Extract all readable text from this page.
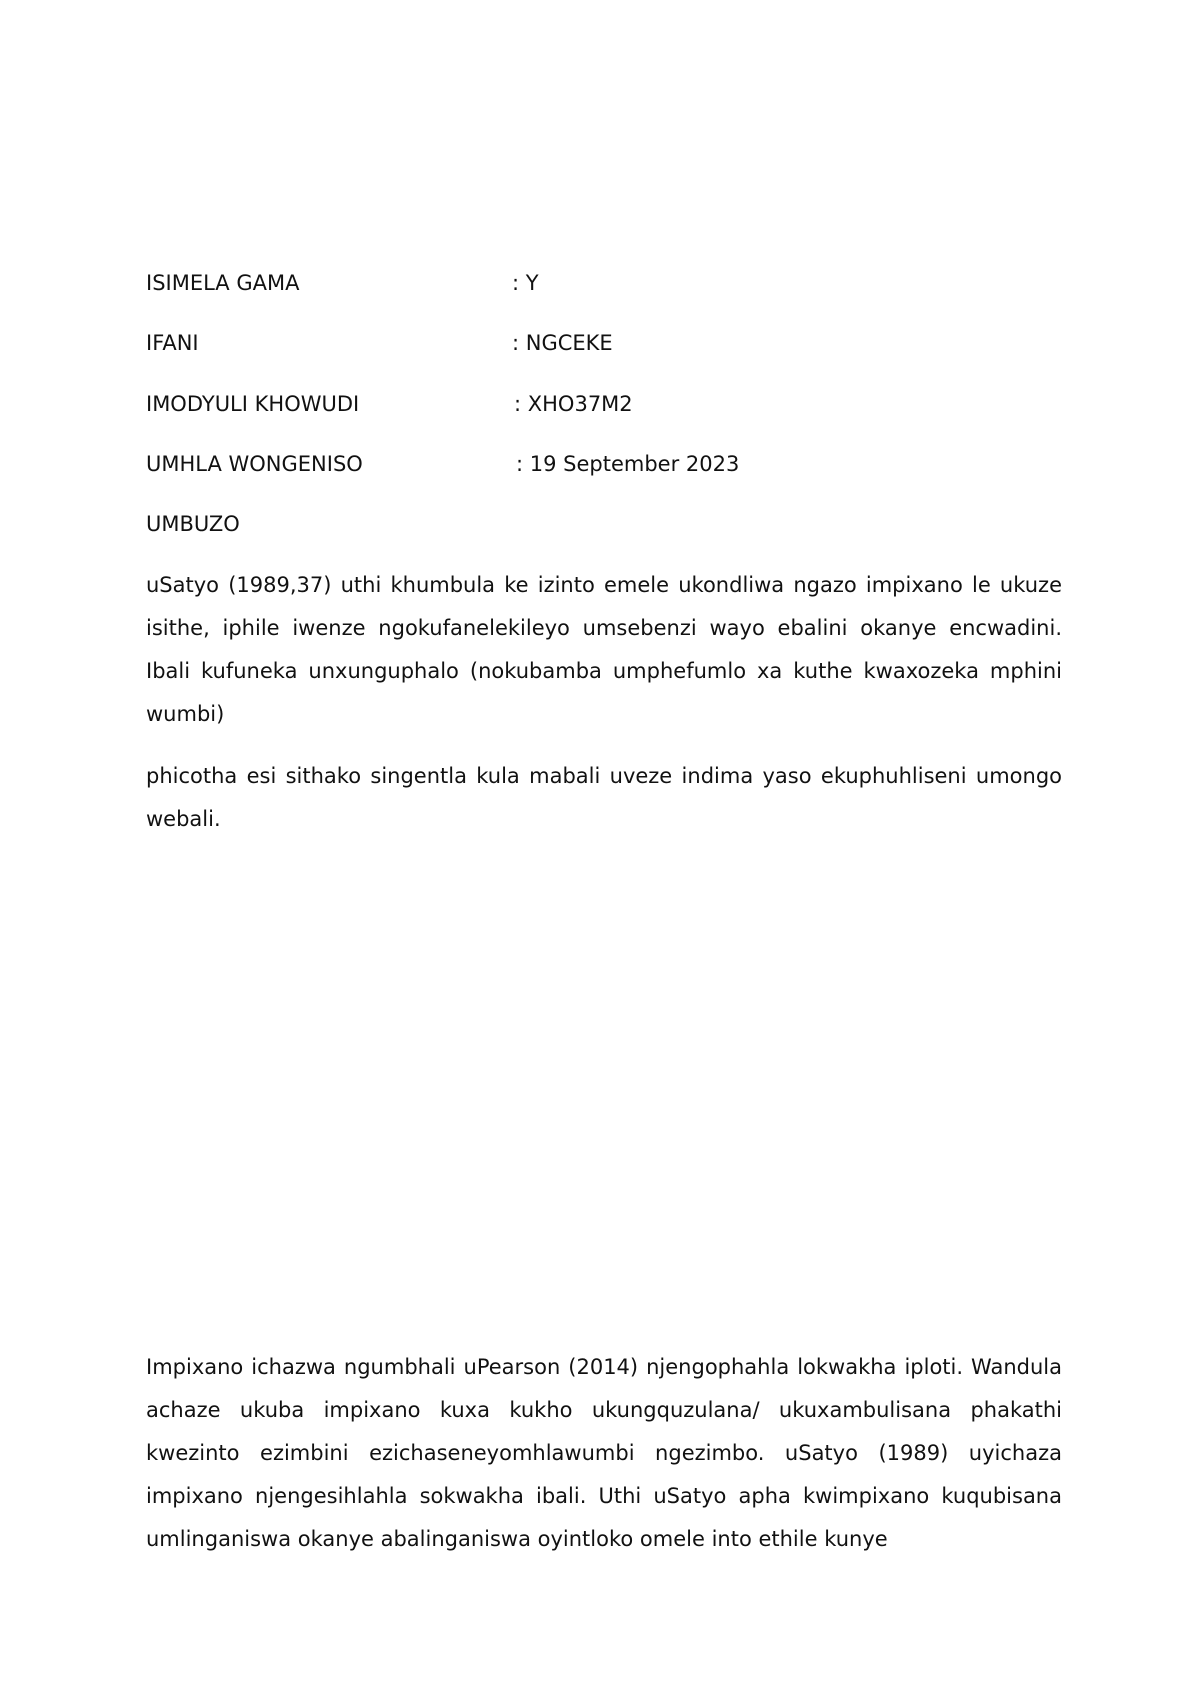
ISIMELA GAMA	: Y
IFANI	: NGCEKE
IMODYULI KHOWUDI	: XHO37M2
UMHLA WONGENISO	: 19 September 2023
UMBUZO

uSatyo (1989,37) uthi khumbula ke izinto emele ukondliwa ngazo impixano le ukuze isithe, iphile iwenze ngokufanelekileyo umsebenzi wayo ebalini okanye encwadini. Ibali kufuneka unxunguphalo (nokubamba umphefumlo xa kuthe kwaxozeka mphini wumbi)

phicotha esi sithako singentla kula mabali uveze indima yaso ekuphuhliseni umongo webali.

Impixano ichazwa ngumbhali uPearson (2014) njengophahla lokwakha iploti. Wandula achaze ukuba impixano kuxa kukho ukungquzulana/ ukuxambulisana phakathi kwezinto ezimbini ezichaseneyomhlawumbi ngezimbo. uSatyo (1989) uyichaza impixano njengesihlahla sokwakha ibali. Uthi uSatyo apha kwimpixano kuqubisana umlinganiswa okanye abalinganiswa oyintloko omele into ethile kunye
